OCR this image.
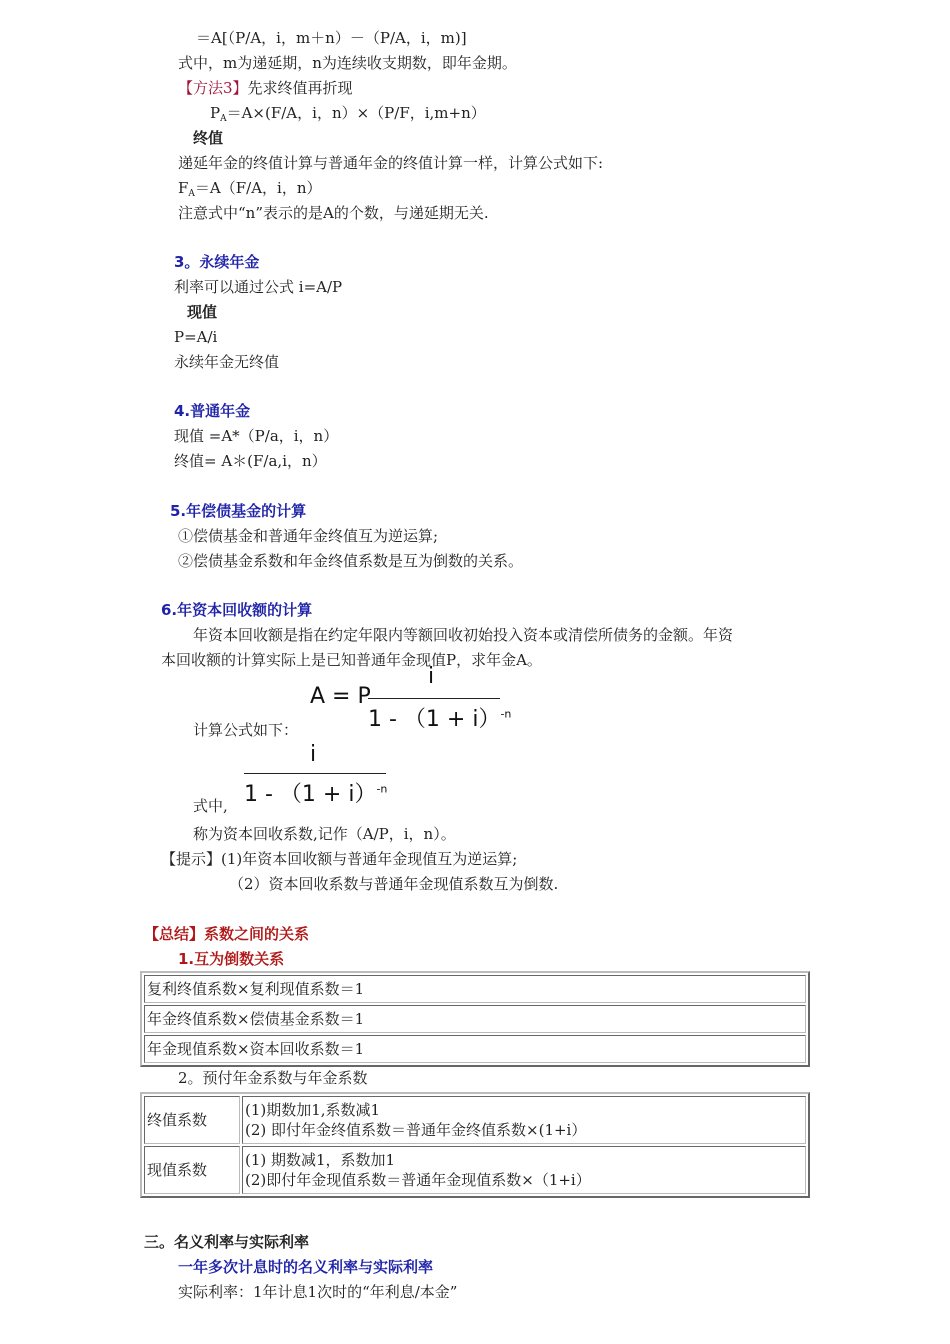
＝A[（P/A，i，m＋n）－（P/A，i，m)]
式中，m为递延期，n为连续收支期数，即年金期。
【方法3】先求终值再折现
$P_A=A\times(F/A$，i，n）×（P/F，i,m+n）
终值
递延年金的终值计算与普通年金的终值计算一样，计算公式如下:
$F_A=A(F/A$，i，n）
注意式中“n”表示的是A的个数，与递延期无关.
3。永续年金
利率可以通过公式 i=A/P
现值
P=A/i
永续年金无终值
4.普通年金
现值 =A*（P/a，i，n）
终值= A＊(F/a,i，n）
5.年偿债基金的计算
①偿债基金和普通年金终值互为逆运算;
②偿债基金系数和年金终值系数是互为倒数的关系。
6.年资本回收额的计算
年资本回收额是指在约定年限内等额回收初始投入资本或清偿所债务的金额。年资
本回收额的计算实际上是已知普通年金现值P，求年金A。
A = P
i
$1 - (1 + i)^{-n}$
计算公式如下：
i
$1 - (1 + i)^{-n}$
式中,
称为资本回收系数,记作（A/P，i，n）。
【提示】(1)年资本回收额与普通年金现值互为逆运算;
（2）资本回收系数与普通年金现值系数互为倒数.
【总结】系数之间的关系
1.互为倒数关系
复利终值系数×复利现值系数＝1
年金终值系数×偿债基金系数＝1
年金现值系数×资本回收系数＝1
2。预付年金系数与年金系数
终值系数	(1)期数加1,系数减1
(2) 即付年金终值系数＝普通年金终值系数×(1+i）

现值系数	(1) 期数减1，系数加1
(2)即付年金现值系数＝普通年金现值系数×（1+i）
三。名义利率与实际利率
一年多次计息时的名义利率与实际利率
实际利率：1年计息1次时的“年利息/本金”
